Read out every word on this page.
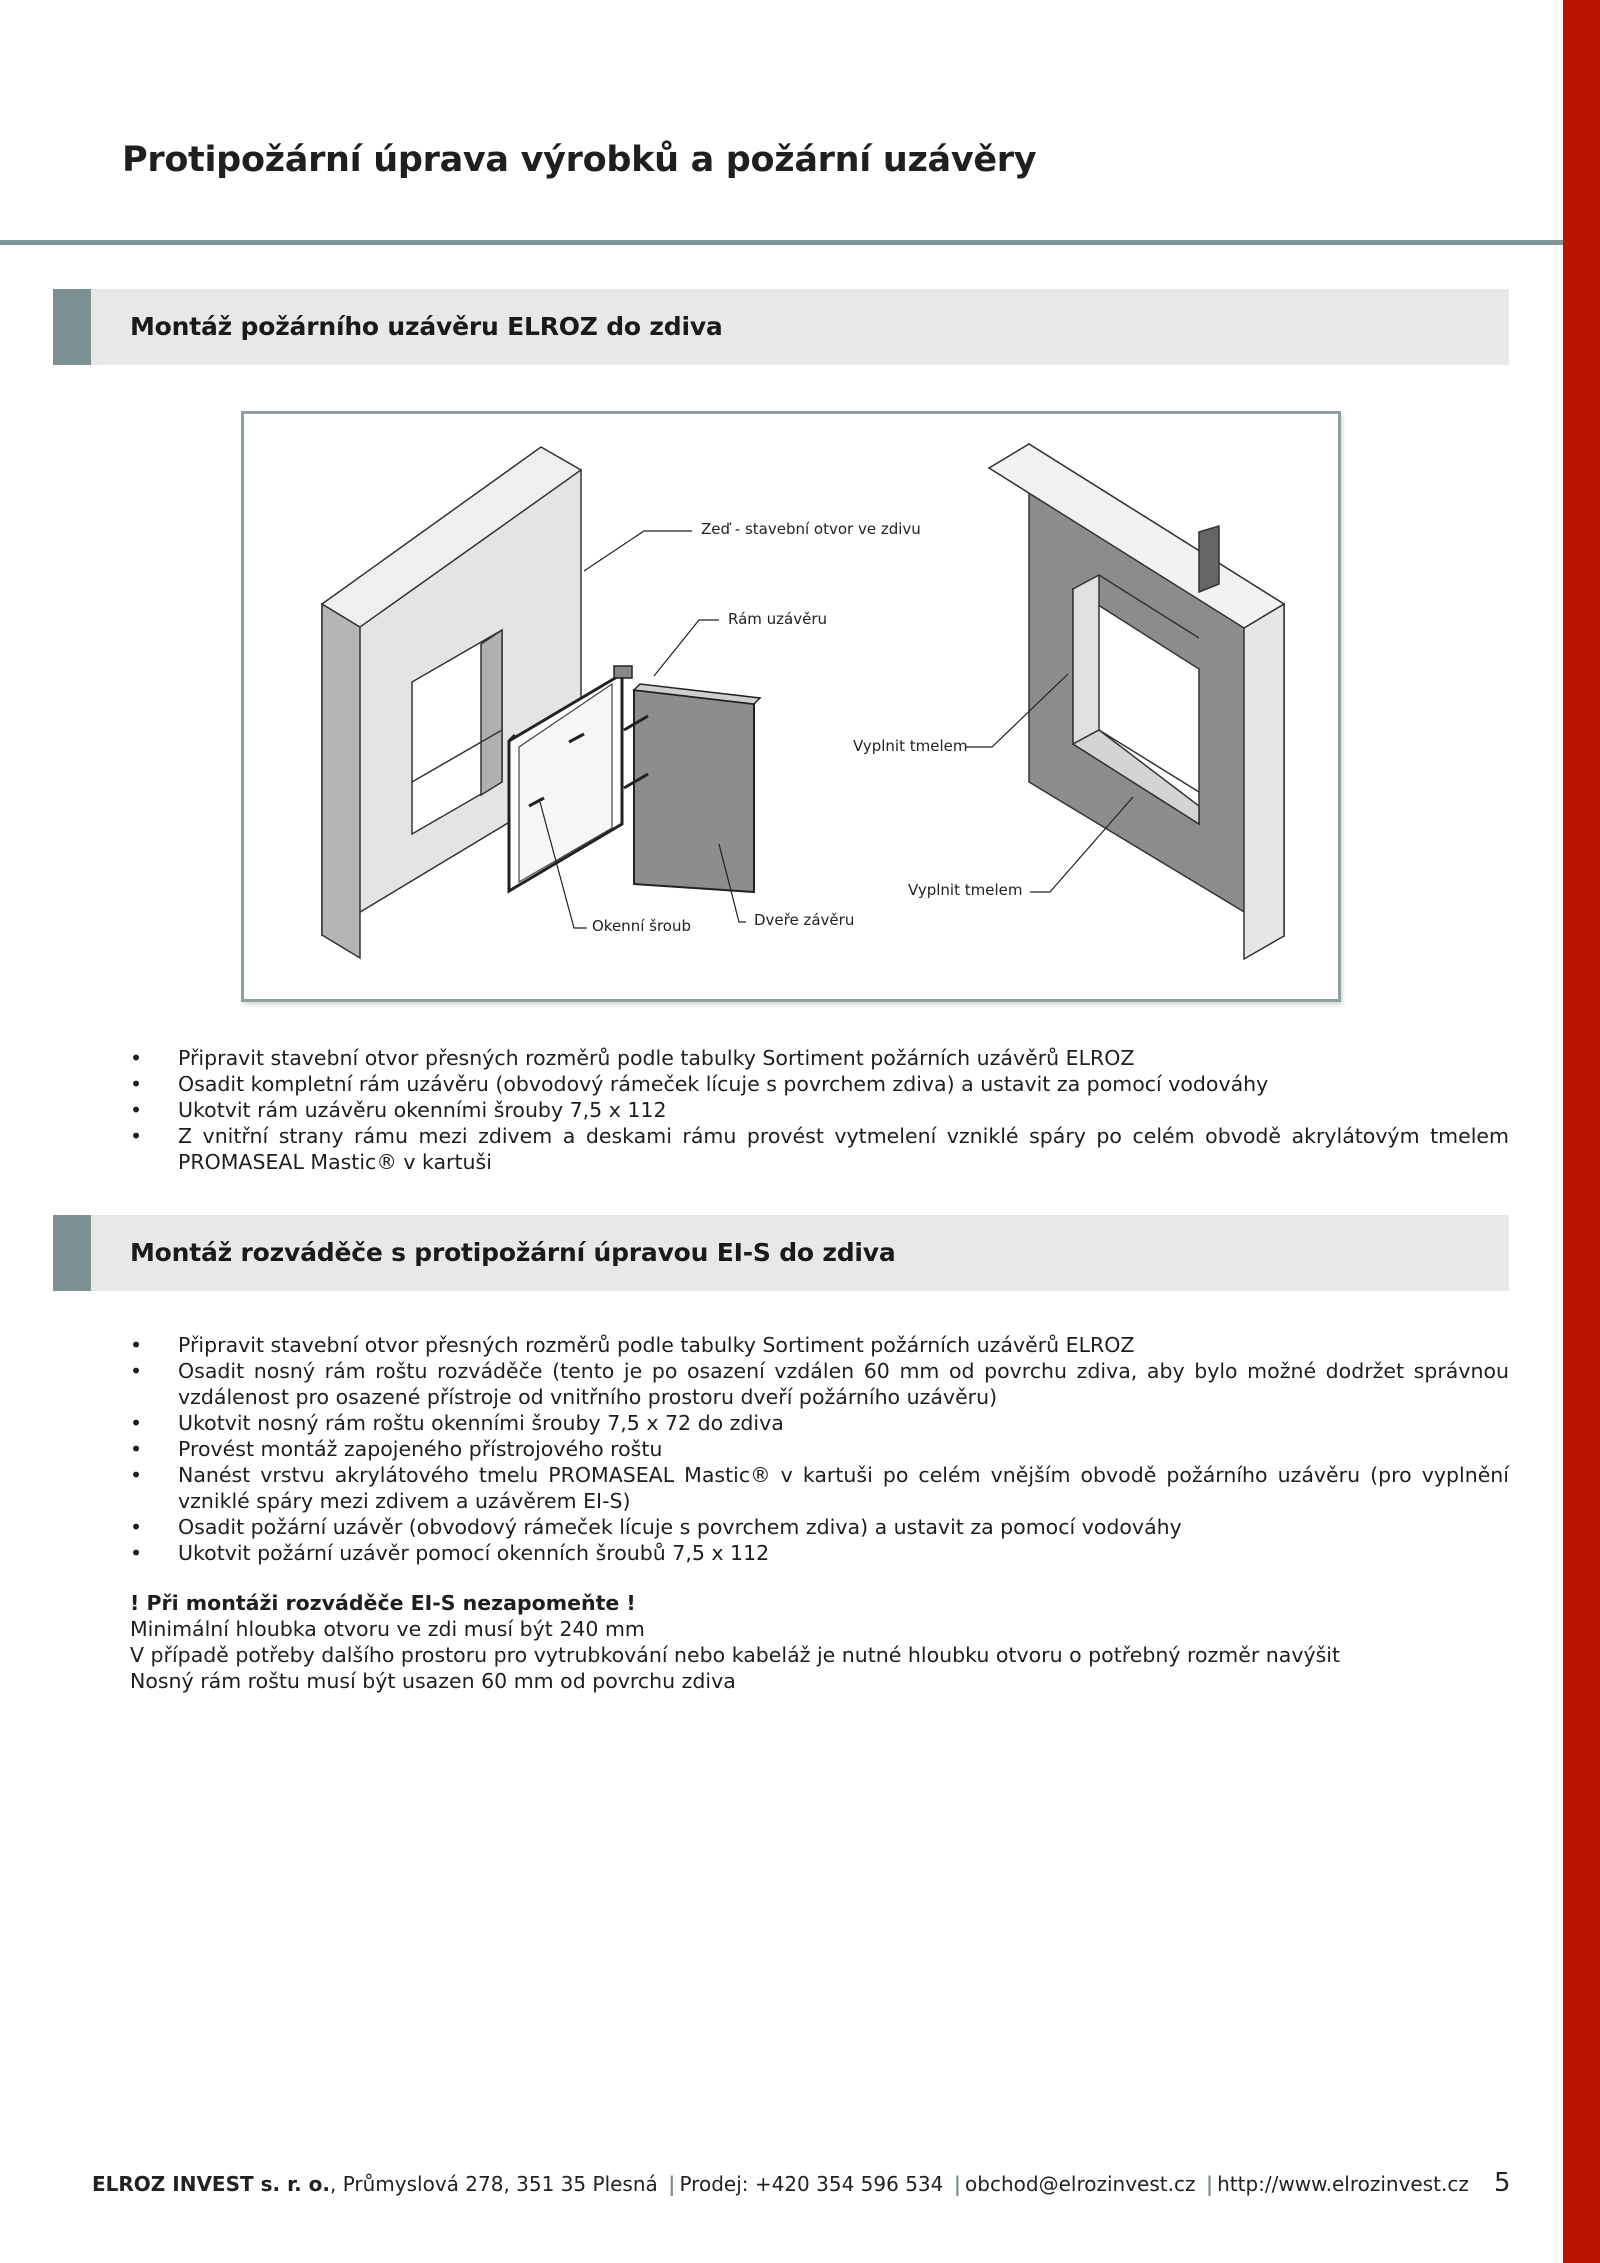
Protipožární úprava výrobků a požární uzávěry
Montáž požárního uzávěru ELROZ do zdiva
Zeď - stavební otvor ve zdivu
Rám uzávěru
Vyplnit tmelem
Vyplnit tmelem
Okenní šroub	Dveře závěru
• Připravit stavební otvor přesných rozměrů podle tabulky Sortiment požárních uzávěrů ELROZ
• Osadit kompletní rám uzávěru (obvodový rámeček lícuje s povrchem zdiva) a ustavit za pomocí vodováhy
• Ukotvit rám uzávěru okenními šrouby 7,5 x 112
• Z vnitřní strany rámu mezi zdivem a deskami rámu provést vytmelení vzniklé spáry po celém obvodě akrylátovým tmelem PROMASEAL Mastic® v kartuši
Montáž rozváděče s protipožární úpravou EI-S do zdiva
• Připravit stavební otvor přesných rozměrů podle tabulky Sortiment požárních uzávěrů ELROZ
• Osadit nosný rám roštu rozváděče (tento je po osazení vzdálen 60 mm od povrchu zdiva, aby bylo možné dodržet správnou vzdálenost pro osazené přístroje od vnitřního prostoru dveří požárního uzávěru)
• Ukotvit nosný rám roštu okenními šrouby 7,5 x 72 do zdiva
• Provést montáž zapojeného přístrojového roštu
• Nanést vrstvu akrylátového tmelu PROMASEAL Mastic® v kartuši po celém vnějším obvodě požárního uzávěru (pro vyplnění vzniklé spáry mezi zdivem a uzávěrem EI-S)
• Osadit požární uzávěr (obvodový rámeček lícuje s povrchem zdiva) a ustavit za pomocí vodováhy
• Ukotvit požární uzávěr pomocí okenních šroubů 7,5 x 112
! Při montáži rozváděče EI-S nezapomeňte !
Minimální hloubka otvoru ve zdi musí být 240 mm
V případě potřeby dalšího prostoru pro vytrubkování nebo kabeláž je nutné hloubku otvoru o potřebný rozměr navýšit
Nosný rám roštu musí být usazen 60 mm od povrchu zdiva
ELROZ INVEST s. r. o., Průmyslová 278, 351 35 Plesná | Prodej: +420 354 596 534 | obchod@elrozinvest.cz | http://www.elrozinvest.cz 5
